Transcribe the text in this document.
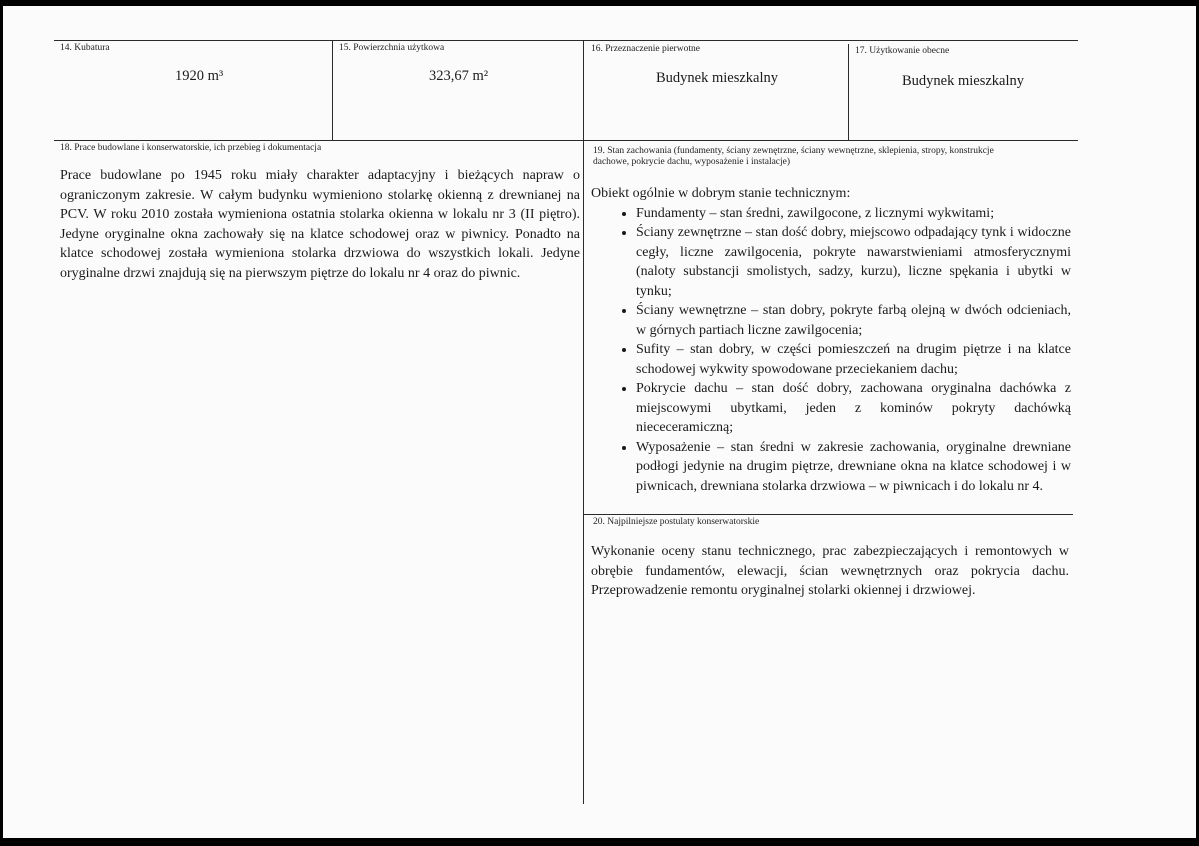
14. Kubatura
1920 m³
15. Powierzchnia użytkowa
323,67 m²
16. Przeznaczenie pierwotne
Budynek mieszkalny
17. Użytkowanie obecne
Budynek mieszkalny
18. Prace budowlane i konserwatorskie, ich przebieg i dokumentacja
Prace budowlane po 1945 roku miały charakter adaptacyjny i bieżących napraw o ograniczonym zakresie. W całym budynku wymieniono stolarkę okienną z drewnianej na PCV. W roku 2010 została wymieniona ostatnia stolarka okienna w lokalu nr 3 (II piętro). Jedyne oryginalne okna zachowały się na klatce schodowej oraz w piwnicy. Ponadto na klatce schodowej została wymieniona stolarka drzwiowa do wszystkich lokali. Jedyne oryginalne drzwi znajdują się na pierwszym piętrze do lokalu nr 4 oraz do piwnic.
19. Stan zachowania (fundamenty, ściany zewnętrzne, ściany wewnętrzne, sklepienia, stropy, konstrukcje
dachowe, pokrycie dachu, wyposażenie i instalacje)
Obiekt ogólnie w dobrym stanie technicznym:
• Fundamenty – stan średni, zawilgocone, z licznymi wykwitami;
• Ściany zewnętrzne – stan dość dobry, miejscowo odpadający tynk i widoczne cegły, liczne zawilgocenia, pokryte nawarstwieniami atmosferycznymi (naloty substancji smolistych, sadzy, kurzu), liczne spękania i ubytki w tynku;
• Ściany wewnętrzne – stan dobry, pokryte farbą olejną w dwóch odcieniach, w górnych partiach liczne zawilgocenia;
• Sufity – stan dobry, w części pomieszczeń na drugim piętrze i na klatce schodowej wykwity spowodowane przeciekaniem dachu;
• Pokrycie dachu – stan dość dobry, zachowana oryginalna dachówka z miejscowymi ubytkami, jeden z kominów pokryty dachówką niececeramiczną;
• Wyposażenie – stan średni w zakresie zachowania, oryginalne drewniane podłogi jedynie na drugim piętrze, drewniane okna na klatce schodowej i w piwnicach, drewniana stolarka drzwiowa – w piwnicach i do lokalu nr 4.
20. Najpilniejsze postulaty konserwatorskie
Wykonanie oceny stanu technicznego, prac zabezpieczających i remontowych w obrębie fundamentów, elewacji, ścian wewnętrznych oraz pokrycia dachu. Przeprowadzenie remontu oryginalnej stolarki okiennej i drzwiowej.
